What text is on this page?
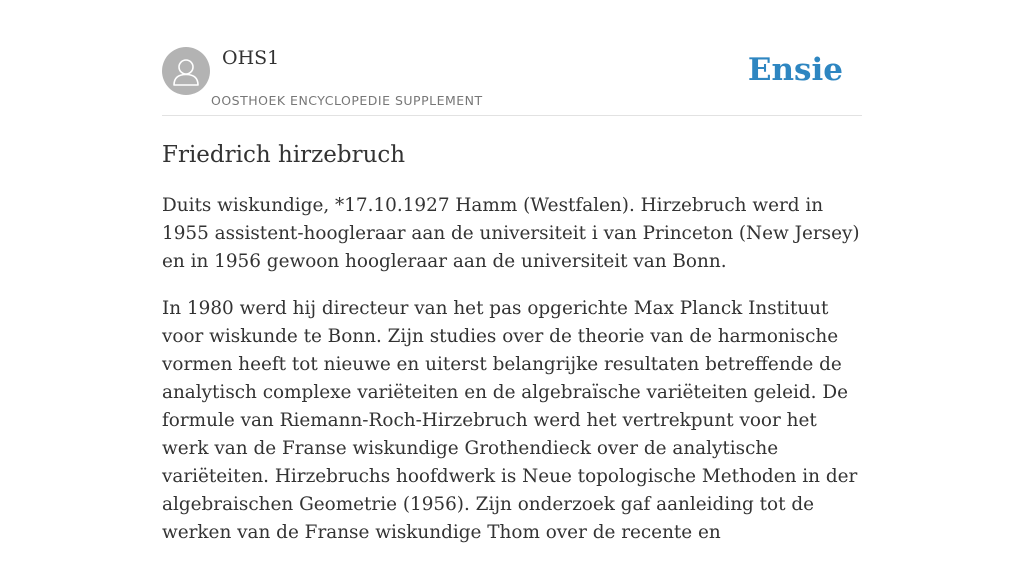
OHS1
OOSTHOEK ENCYCLOPEDIE SUPPLEMENT
Ensie
Friedrich hirzebruch

Duits wiskundige, *17.10.1927 Hamm (Westfalen). Hirzebruch werd in 1955 assistent-hoogleraar aan de universiteit i van Princeton (New Jersey) en in 1956 gewoon hoogleraar aan de universiteit van Bonn.

In 1980 werd hij directeur van het pas opgerichte Max Planck Instituut voor wiskunde te Bonn. Zijn studies over de theorie van de harmonische vormen heeft tot nieuwe en uiterst belangrijke resultaten betreffende de analytisch complexe variëteiten en de algebraïsche variëteiten geleid. De formule van Riemann-Roch-Hirzebruch werd het vertrekpunt voor het werk van de Franse wiskundige Grothendieck over de analytische variëteiten. Hirzebruchs hoofdwerk is Neue topologische Methoden in der algebraischen Geometrie (1956). Zijn onderzoek gaf aanleiding tot de werken van de Franse wiskundige Thom over de recente en
